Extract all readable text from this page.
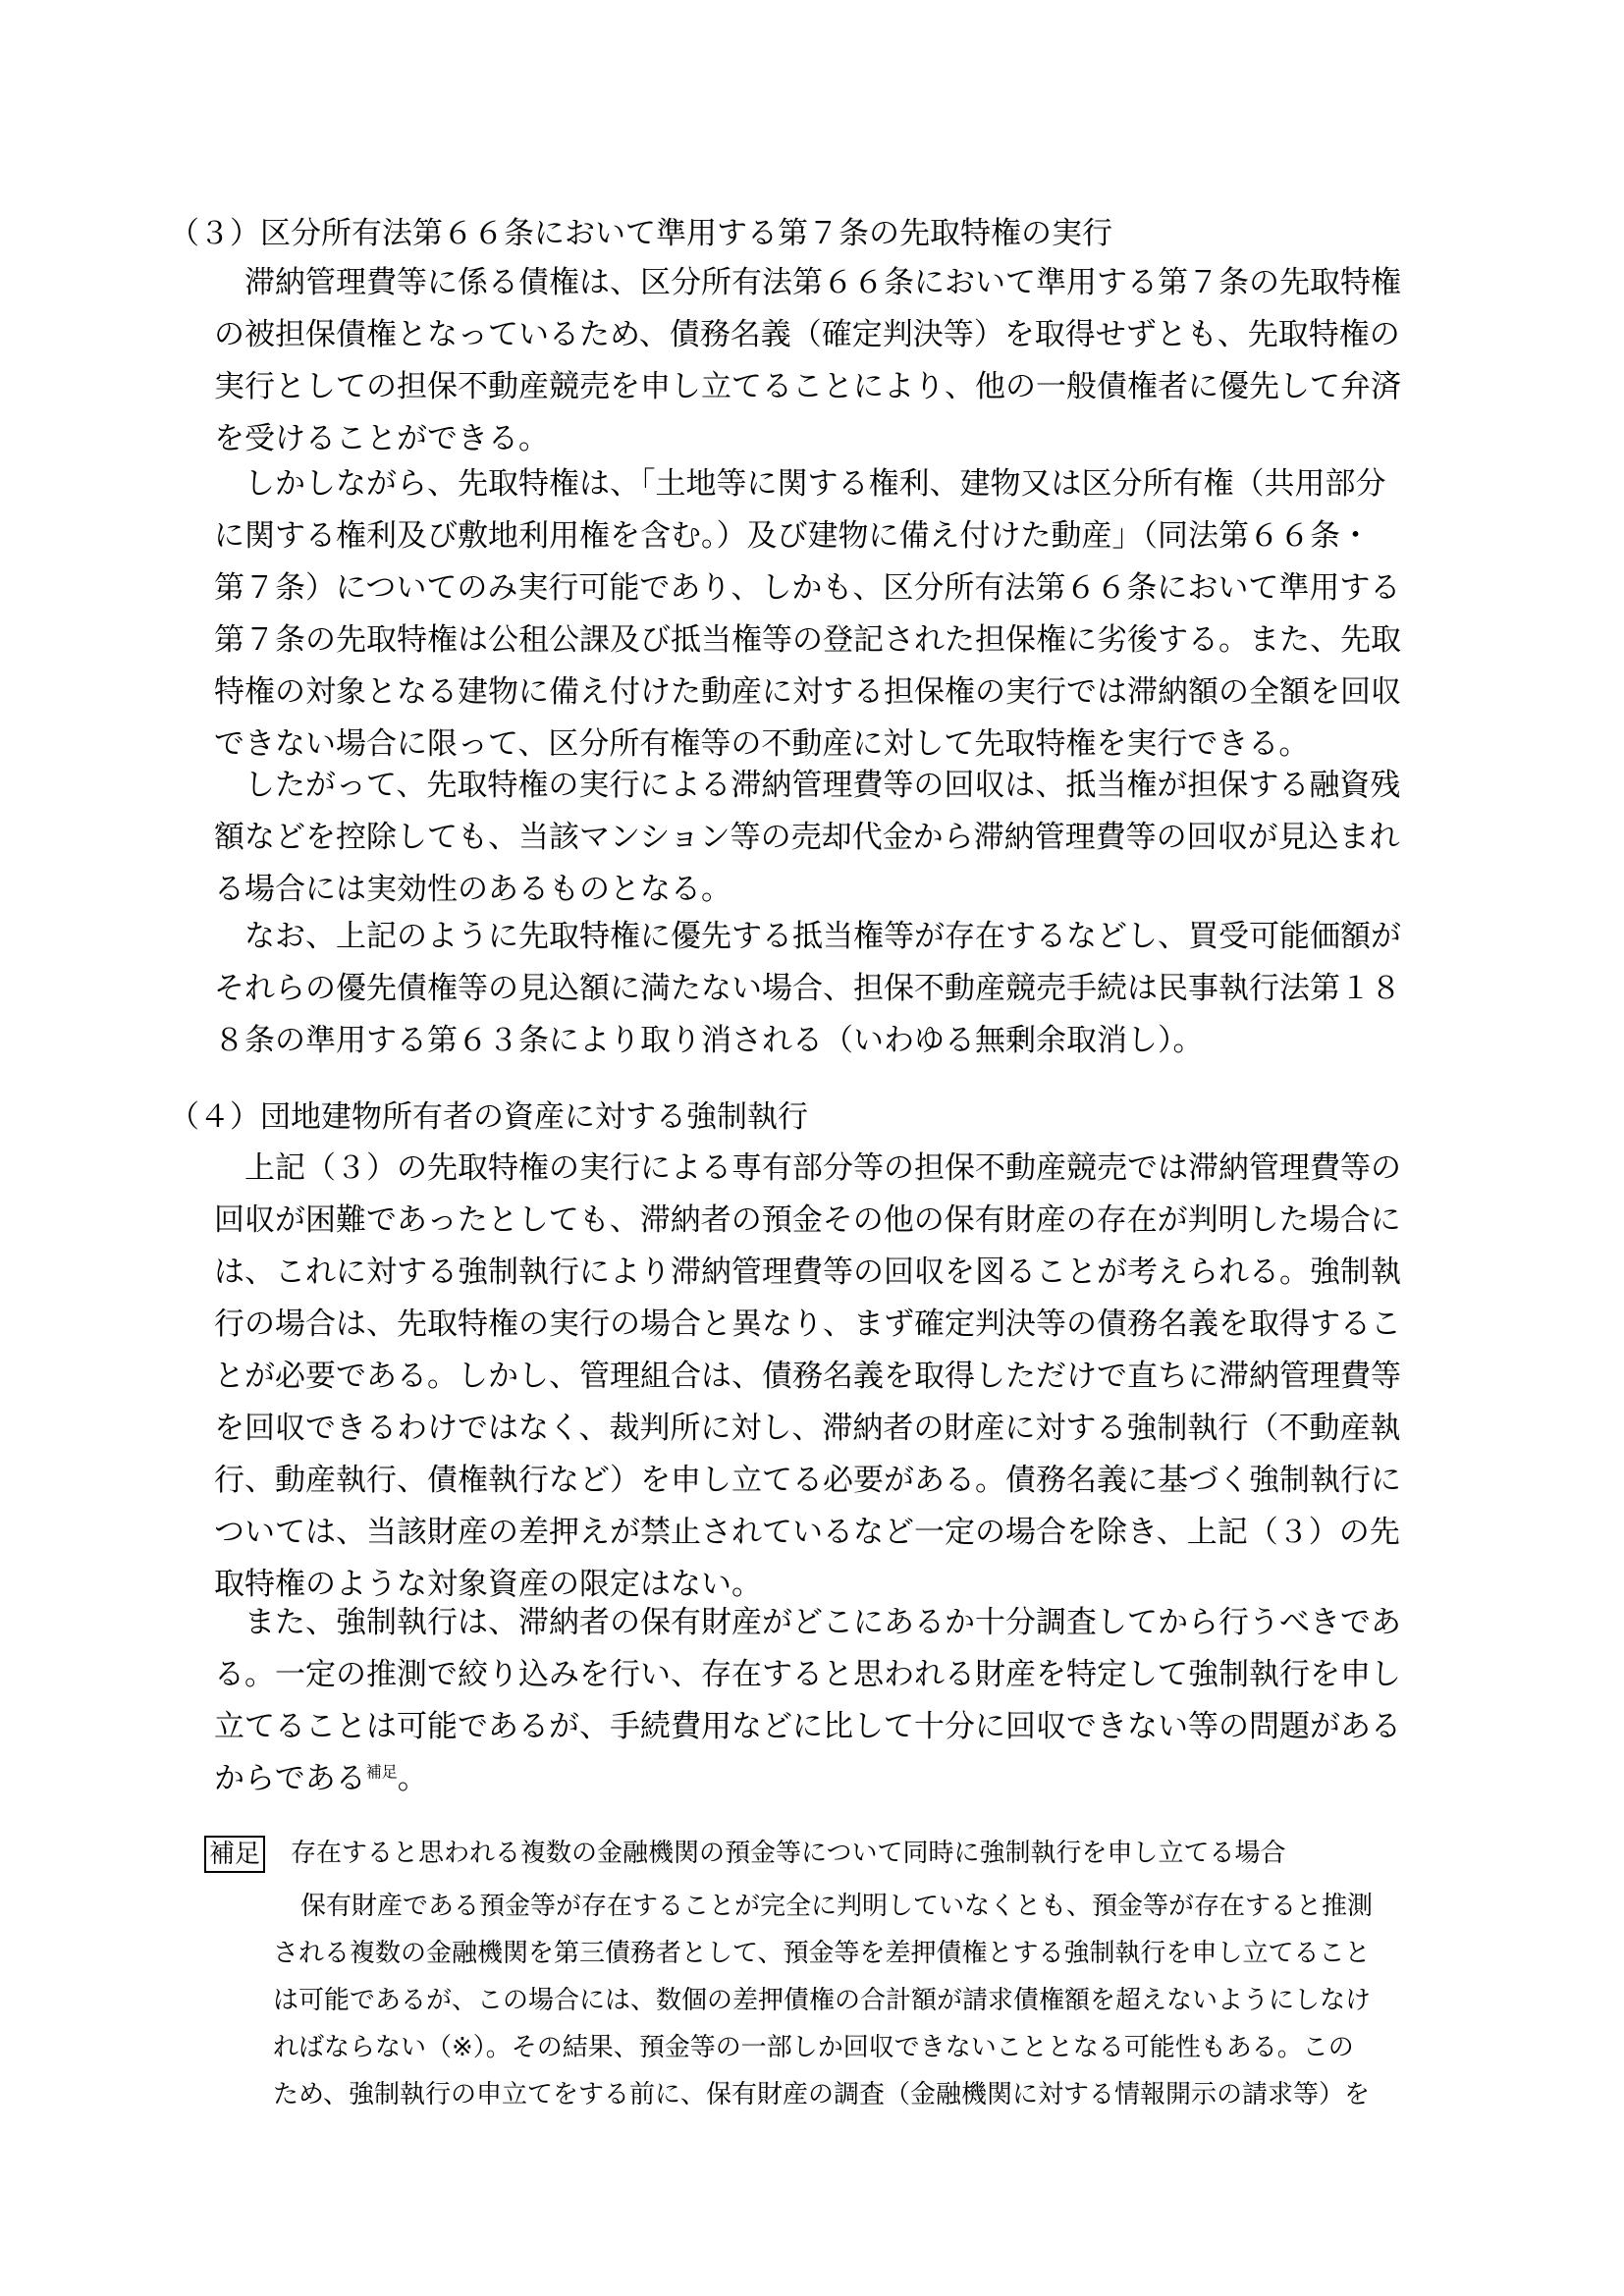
（３）区分所有法第６６条において準用する第７条の先取特権の実行

滞納管理費等に係る債権は、区分所有法第６６条において準用する第７条の先取特権
の被担保債権となっているため、債務名義（確定判決等）を取得せずとも、先取特権の
実行としての担保不動産競売を申し立てることにより、他の一般債権者に優先して弁済
を受けることができる。

しかしながら、先取特権は、「土地等に関する権利、建物又は区分所有権（共用部分
に関する権利及び敷地利用権を含む。）及び建物に備え付けた動産」（同法第６６条・
第７条）についてのみ実行可能であり、しかも、区分所有法第６６条において準用する
第７条の先取特権は公租公課及び抵当権等の登記された担保権に劣後する。また、先取
特権の対象となる建物に備え付けた動産に対する担保権の実行では滞納額の全額を回収
できない場合に限って、区分所有権等の不動産に対して先取特権を実行できる。

したがって、先取特権の実行による滞納管理費等の回収は、抵当権が担保する融資残
額などを控除しても、当該マンション等の売却代金から滞納管理費等の回収が見込まれ
る場合には実効性のあるものとなる。

なお、上記のように先取特権に優先する抵当権等が存在するなどし、買受可能価額が
それらの優先債権等の見込額に満たない場合、担保不動産競売手続は民事執行法第１８
８条の準用する第６３条により取り消される（いわゆる無剰余取消し）。

（４）団地建物所有者の資産に対する強制執行

上記（３）の先取特権の実行による専有部分等の担保不動産競売では滞納管理費等の
回収が困難であったとしても、滞納者の預金その他の保有財産の存在が判明した場合に
は、これに対する強制執行により滞納管理費等の回収を図ることが考えられる。強制執
行の場合は、先取特権の実行の場合と異なり、まず確定判決等の債務名義を取得するこ
とが必要である。しかし、管理組合は、債務名義を取得しただけで直ちに滞納管理費等
を回収できるわけではなく、裁判所に対し、滞納者の財産に対する強制執行（不動産執
行、動産執行、債権執行など）を申し立てる必要がある。債務名義に基づく強制執行に
ついては、当該財産の差押えが禁止されているなど一定の場合を除き、上記（３）の先
取特権のような対象資産の限定はない。

また、強制執行は、滞納者の保有財産がどこにあるか十分調査してから行うべきであ
る。一定の推測で絞り込みを行い、存在すると思われる財産を特定して強制執行を申し
立てることは可能であるが、手続費用などに比して十分に回収できない等の問題がある
からである$^{補足}$。

補足 存在すると思われる複数の金融機関の預金等について同時に強制執行を申し立てる場合

保有財産である預金等が存在することが完全に判明していなくとも、預金等が存在すると推測
される複数の金融機関を第三債務者として、預金等を差押債権とする強制執行を申し立てること
は可能であるが、この場合には、数個の差押債権の合計額が請求債権額を超えないようにしなけ
ればならない（※）。その結果、預金等の一部しか回収できないこととなる可能性もある。この
ため、強制執行の申立てをする前に、保有財産の調査（金融機関に対する情報開示の請求等）を
